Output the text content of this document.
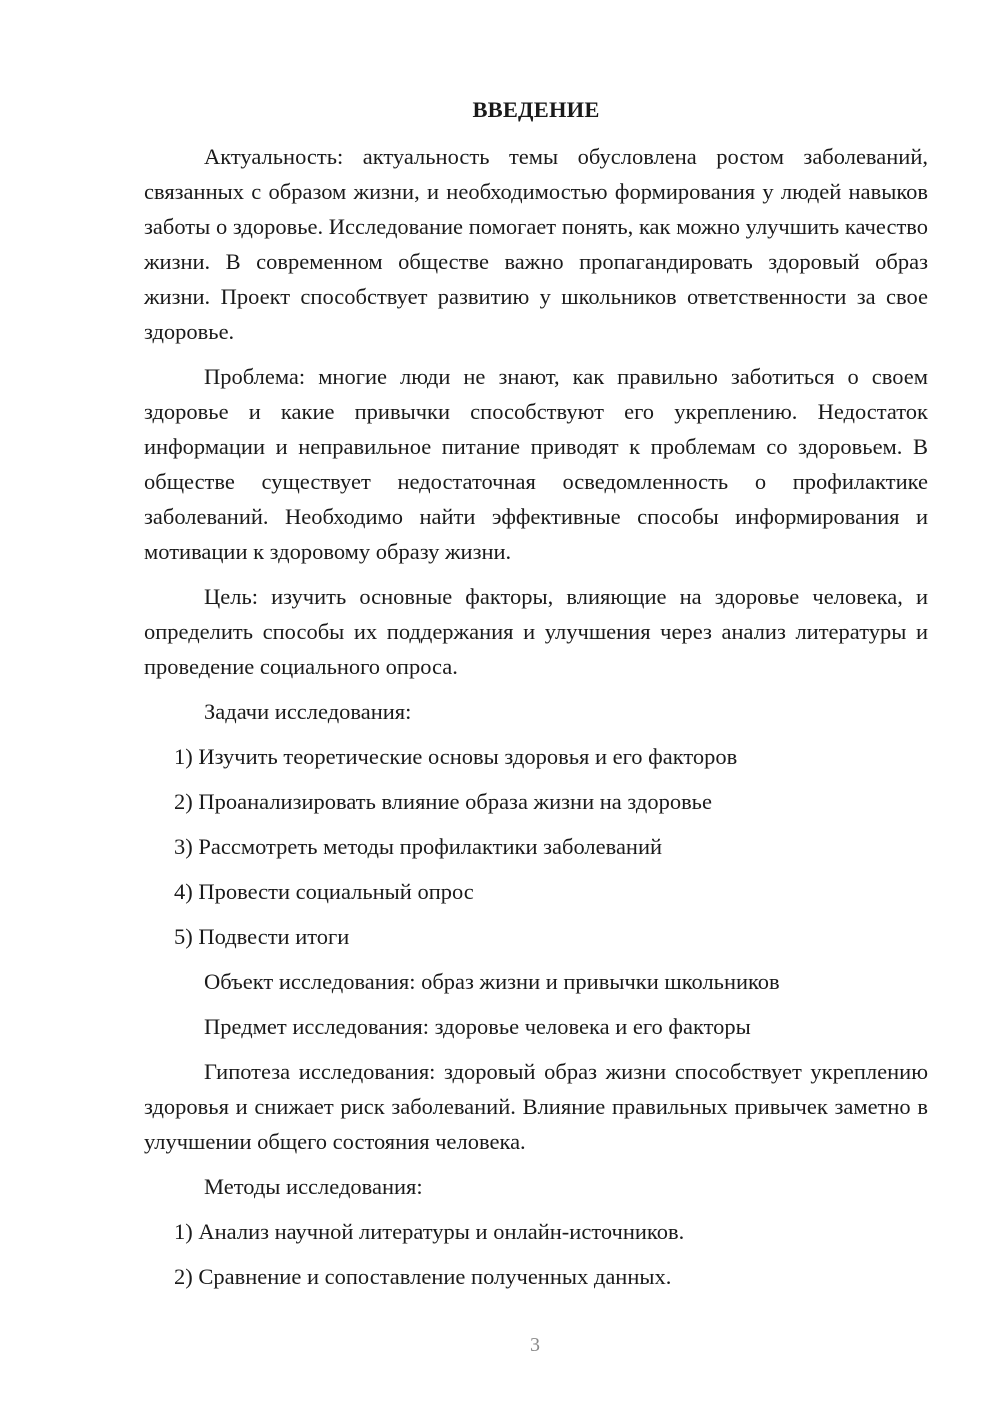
ВВЕДЕНИЕ

Актуальность: актуальность темы обусловлена ростом заболеваний, связанных с образом жизни, и необходимостью формирования у людей навыков заботы о здоровье. Исследование помогает понять, как можно улучшить качество жизни. В современном обществе важно пропагандировать здоровый образ жизни. Проект способствует развитию у школьников ответственности за свое здоровье.

Проблема: многие люди не знают, как правильно заботиться о своем здоровье и какие привычки способствуют его укреплению. Недостаток информации и неправильное питание приводят к проблемам со здоровьем. В обществе существует недостаточная осведомленность о профилактике заболеваний. Необходимо найти эффективные способы информирования и мотивации к здоровому образу жизни.

Цель: изучить основные факторы, влияющие на здоровье человека, и определить способы их поддержания и улучшения через анализ литературы и проведение социального опроса.

Задачи исследования:
1) Изучить теоретические основы здоровья и его факторов
2) Проанализировать влияние образа жизни на здоровье
3) Рассмотреть методы профилактики заболеваний
4) Провести социальный опрос
5) Подвести итоги
Объект исследования: образ жизни и привычки школьников
Предмет исследования: здоровье человека и его факторы

Гипотеза исследования: здоровый образ жизни способствует укреплению здоровья и снижает риск заболеваний. Влияние правильных привычек заметно в улучшении общего состояния человека.

Методы исследования:
1) Анализ научной литературы и онлайн-источников.
2) Сравнение и сопоставление полученных данных.
3
